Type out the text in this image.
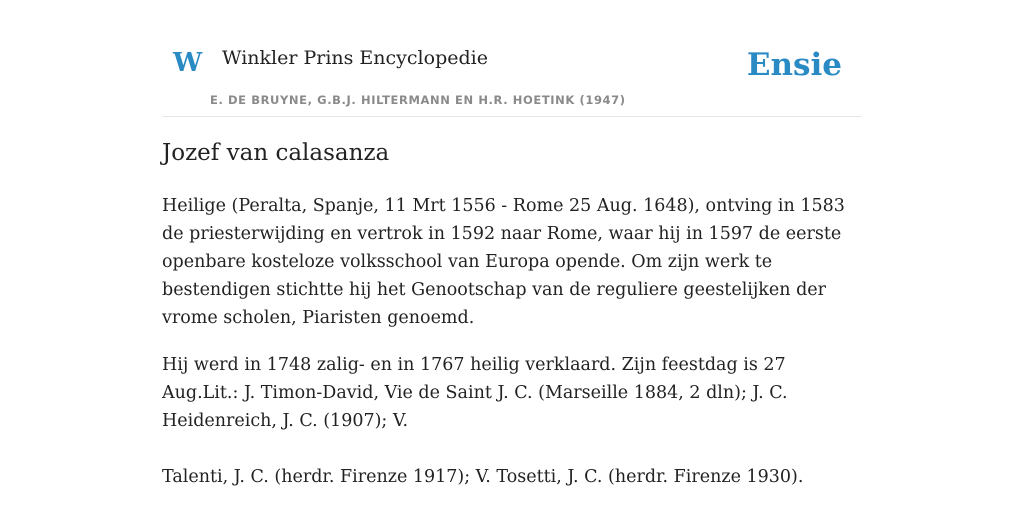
W Winkler Prins Encyclopedie
E. DE BRUYNE, G.B.J. HILTERMANN EN H.R. HOETINK (1947)
Ensie
Jozef van calasanza

Heilige (Peralta, Spanje, 11 Mrt 1556 - Rome 25 Aug. 1648), ontving in 1583 de priesterwijding en vertrok in 1592 naar Rome, waar hij in 1597 de eerste openbare kosteloze volksschool van Europa opende. Om zijn werk te bestendigen stichtte hij het Genootschap van de reguliere geestelijken der vrome scholen, Piaristen genoemd.

Hij werd in 1748 zalig- en in 1767 heilig verklaard. Zijn feestdag is 27 Aug.Lit.: J. Timon-David, Vie de Saint J. C. (Marseille 1884, 2 dln); J. C. Heidenreich, J. C. (1907); V.

Talenti, J. C. (herdr. Firenze 1917); V. Tosetti, J. C. (herdr. Firenze 1930).
